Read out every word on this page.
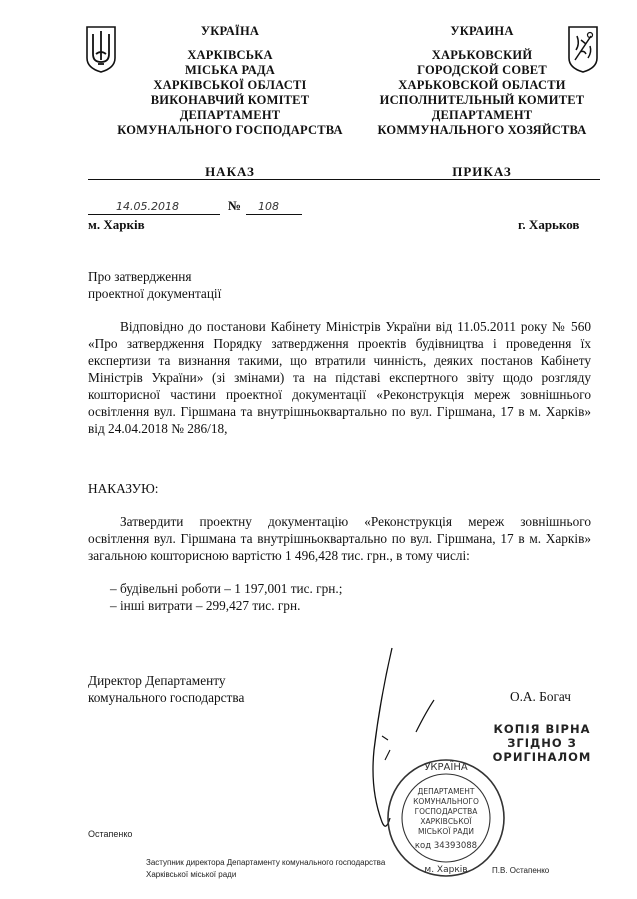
УКРАЇНА
ХАРКІВСЬКА
МІСЬКА РАДА
ХАРКІВСЬКОЇ ОБЛАСТІ
ВИКОНАВЧИЙ КОМІТЕТ
ДЕПАРТАМЕНТ
КОМУНАЛЬНОГО ГОСПОДАРСТВА
УКРАИНА
ХАРЬКОВСКИЙ
ГОРОДСКОЙ СОВЕТ
ХАРЬКОВСКОЙ ОБЛАСТИ
ИСПОЛНИТЕЛЬНЫЙ КОМИТЕТ
ДЕПАРТАМЕНТ
КОММУНАЛЬНОГО ХОЗЯЙСТВА
НАКАЗ	ПРИКАЗ
14.05.2018	№ 108
м. Харків	г. Харьков
Про затвердження
проектної документації
Відповідно до постанови Кабінету Міністрів України від 11.05.2011 року № 560 «Про затвердження Порядку затвердження проектів будівництва і проведення їх експертизи та визнання такими, що втратили чинність, деяких постанов Кабінету Міністрів України» (зі змінами) та на підставі експертного звіту щодо розгляду кошторисної частини проектної документації «Реконструкція мереж зовнішнього освітлення вул. Гіршмана та внутрішньоквартально по вул. Гіршмана, 17 в м. Харків» від 24.04.2018 № 286/18,
НАКАЗУЮ:
Затвердити проектну документацію «Реконструкція мереж зовнішнього освітлення вул. Гіршмана та внутрішньоквартально по вул. Гіршмана, 17 в м. Харків» загальною кошторисною вартістю 1 496,428 тис. грн., в тому числі:
– будівельні роботи – 1 197,001 тис. грн.;
– інші витрати – 299,427 тис. грн.
Директор Департаменту
комунального господарства	О.А. Богач
КОПІЯ ВІРНА
ЗГІДНО З
ОРИГІНАЛОМ
УКРАЇНА
ДЕПАРТАМЕНТ
КОМУНАЛЬНОГО
ГОСПОДАРСТВА
ХАРКІВСЬКОЇ
МІСЬКОЇ РАДИ
код 34393088
м. Харків
Остапенко
Заступник директора Департаменту комунального господарства
Харківської міської ради	П.В. Остапенко
